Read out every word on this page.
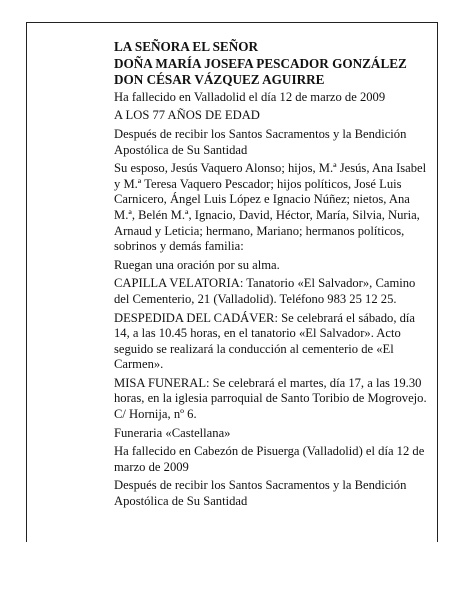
LA SEÑORA EL SEÑOR

DOÑA MARÍA JOSEFA PESCADOR GONZÁLEZ

DON CÉSAR VÁZQUEZ AGUIRRE

Ha fallecido en Valladolid el día 12 de marzo de 2009

A LOS 77 AÑOS DE EDAD

Después de recibir los Santos Sacramentos y la Bendición Apostólica de Su Santidad

Su esposo, Jesús Vaquero Alonso; hijos, M.ª Jesús, Ana Isabel y M.ª Teresa Vaquero Pescador; hijos políticos, José Luis Carnicero, Ángel Luis López e Ignacio Núñez; nietos, Ana M.ª, Belén M.ª, Ignacio, David, Héctor, María, Silvia, Nuria, Arnaud y Leticia; hermano, Mariano; hermanos políticos, sobrinos y demás familia:

Ruegan una oración por su alma.

CAPILLA VELATORIA: Tanatorio «El Salvador», Camino del Cementerio, 21 (Valladolid). Teléfono 983 25 12 25.

DESPEDIDA DEL CADÁVER: Se celebrará el sábado, día 14, a las 10.45 horas, en el tanatorio «El Salvador». Acto seguido se realizará la conducción al cementerio de «El Carmen».

MISA FUNERAL: Se celebrará el martes, día 17, a las 19.30 horas, en la iglesia parroquial de Santo Toribio de Mogrovejo. C/ Hornija, nº 6.

Funeraria «Castellana»

Ha fallecido en Cabezón de Pisuerga (Valladolid) el día 12 de marzo de 2009

Después de recibir los Santos Sacramentos y la Bendición Apostólica de Su Santidad
